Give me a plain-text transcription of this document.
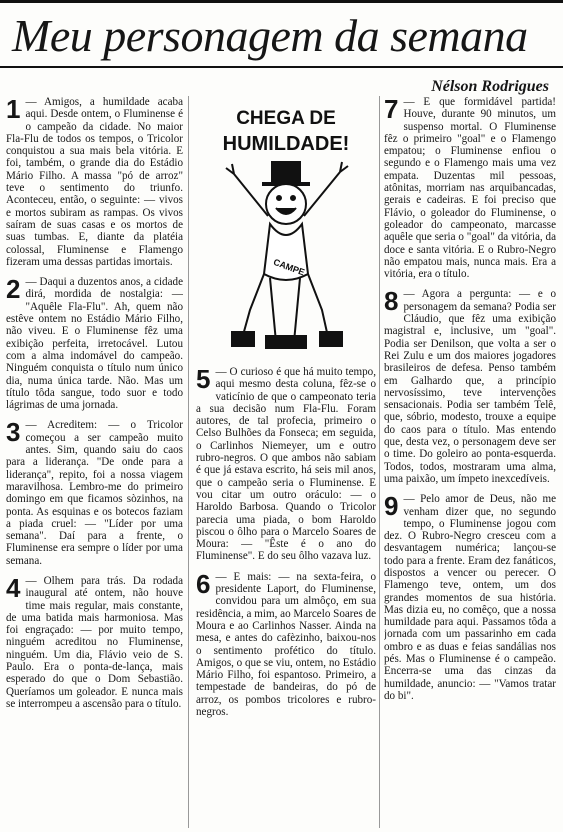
Meu personagem da semana
Nélson Rodrigues

1 — Amigos, a humildade acaba aqui. Desde ontem, o Fluminense é o campeão da cidade. No maior Fla-Flu de todos os tempos, o Tricolor conquistou a sua mais bela vitória. E foi, também, o grande dia do Estádio Mário Filho. A massa "pó de arroz" teve o sentimento do triunfo. Aconteceu, então, o seguinte: — vivos e mortos subiram as rampas. Os vivos saíram de suas casas e os mortos de suas tumbas. E, diante da platéia colossal, Fluminense e Flamengo fizeram uma dessas partidas imortais.

2 — Daqui a duzentos anos, a cidade dirá, mordida de nostalgia: — "Aquêle Fla-Flu". Ah, quem não estêve ontem no Estádio Mário Filho, não viveu. E o Fluminense fêz uma exibição perfeita, irretocável. Lutou com a alma indomável do campeão. Ninguém conquista o título num único dia, numa única tarde. Não. Mas um título tôda sangue, todo suor e todo lágrimas de uma jornada.

3 — Acreditem: — o Tricolor começou a ser campeão muito antes. Sim, quando saiu do caos para a liderança. "De onde para a liderança", repito, foi a nossa viagem maravilhosa. Lembro-me do primeiro domingo em que ficamos sòzinhos, na ponta. As esquinas e os botecos faziam a piada cruel: — "Líder por uma semana". Daí para a frente, o Fluminense era sempre o líder por uma semana.

4 — Olhem para trás. Da rodada inaugural até ontem, não houve time mais regular, mais constante, de uma batida mais harmoniosa. Mas foi engraçado: — por muito tempo, ninguém acreditou no Fluminense, ninguém. Um dia, Flávio veio de S. Paulo. Era o ponta-de-lança, mais esperado do que o Dom Sebastião. Queríamos um goleador. E nunca mais se interrompeu a ascensão para o título.

CHEGA DE
HUMILDADE!
CAMPE

5 — O curioso é que há muito tempo, aqui mesmo desta coluna, fêz-se o vaticínio de que o campeonato teria a sua decisão num Fla-Flu. Foram autores, de tal profecia, primeiro o Celso Bulhões da Fonseca; em seguida, o Carlinhos Niemeyer, um e outro rubro-negros. O que ambos não sabiam é que já estava escrito, há seis mil anos, que o campeão seria o Fluminense. E vou citar um outro oráculo: — o Haroldo Barbosa. Quando o Tricolor parecia uma piada, o bom Haroldo piscou o ôlho para o Marcelo Soares de Moura: — "Êste é o ano do Fluminense". E do seu ôlho vazava luz.

6 — E mais: — na sexta-feira, o presidente Laport, do Fluminense, convidou para um almôço, em sua residência, a mim, ao Marcelo Soares de Moura e ao Carlinhos Nasser. Ainda na mesa, e antes do cafèzinho, baixou-nos o sentimento profético do título. Amigos, o que se viu, ontem, no Estádio Mário Filho, foi espantoso. Primeiro, a tempestade de bandeiras, do pó de arroz, os pombos tricolores e rubro-negros.

7 — E que formidável partida! Houve, durante 90 minutos, um suspenso mortal. O Fluminense fêz o primeiro "goal" e o Flamengo empatou; o Fluminense enfiou o segundo e o Flamengo mais uma vez empata. Duzentas mil pessoas, atônitas, morriam nas arquibancadas, gerais e cadeiras. E foi preciso que Flávio, o goleador do Fluminense, o goleador do campeonato, marcasse aquêle que seria o "goal" da vitória, da doce e santa vitória. E o Rubro-Negro não empatou mais, nunca mais. Era a vitória, era o título.

8 — Agora a pergunta: — e o personagem da semana? Podia ser Cláudio, que fêz uma exibição magistral e, inclusive, um "goal". Podia ser Denilson, que volta a ser o Rei Zulu e um dos maiores jogadores brasileiros de defesa. Penso também em Galhardo que, a princípio nervosíssimo, teve intervenções sensacionais. Podia ser também Telê, que, sóbrio, modesto, trouxe a equipe do caos para o título. Mas entendo que, desta vez, o personagem deve ser o time. Do goleiro ao ponta-esquerda. Todos, todos, mostraram uma alma, uma paixão, um ímpeto inexcedíveis.

9 — Pelo amor de Deus, não me venham dizer que, no segundo tempo, o Fluminense jogou com dez. O Rubro-Negro cresceu com a desvantagem numérica; lançou-se todo para a frente. Eram dez fanáticos, dispostos a vencer ou perecer. O Flamengo teve, ontem, um dos grandes momentos de sua história. Mas dizia eu, no comêço, que a nossa humildade para aqui. Passamos tôda a jornada com um passarinho em cada ombro e as duas e feias sandálias nos pés. Mas o Fluminense é o campeão. Encerra-se uma das cinzas da humildade, anuncio: — "Vamos tratar do bi".
